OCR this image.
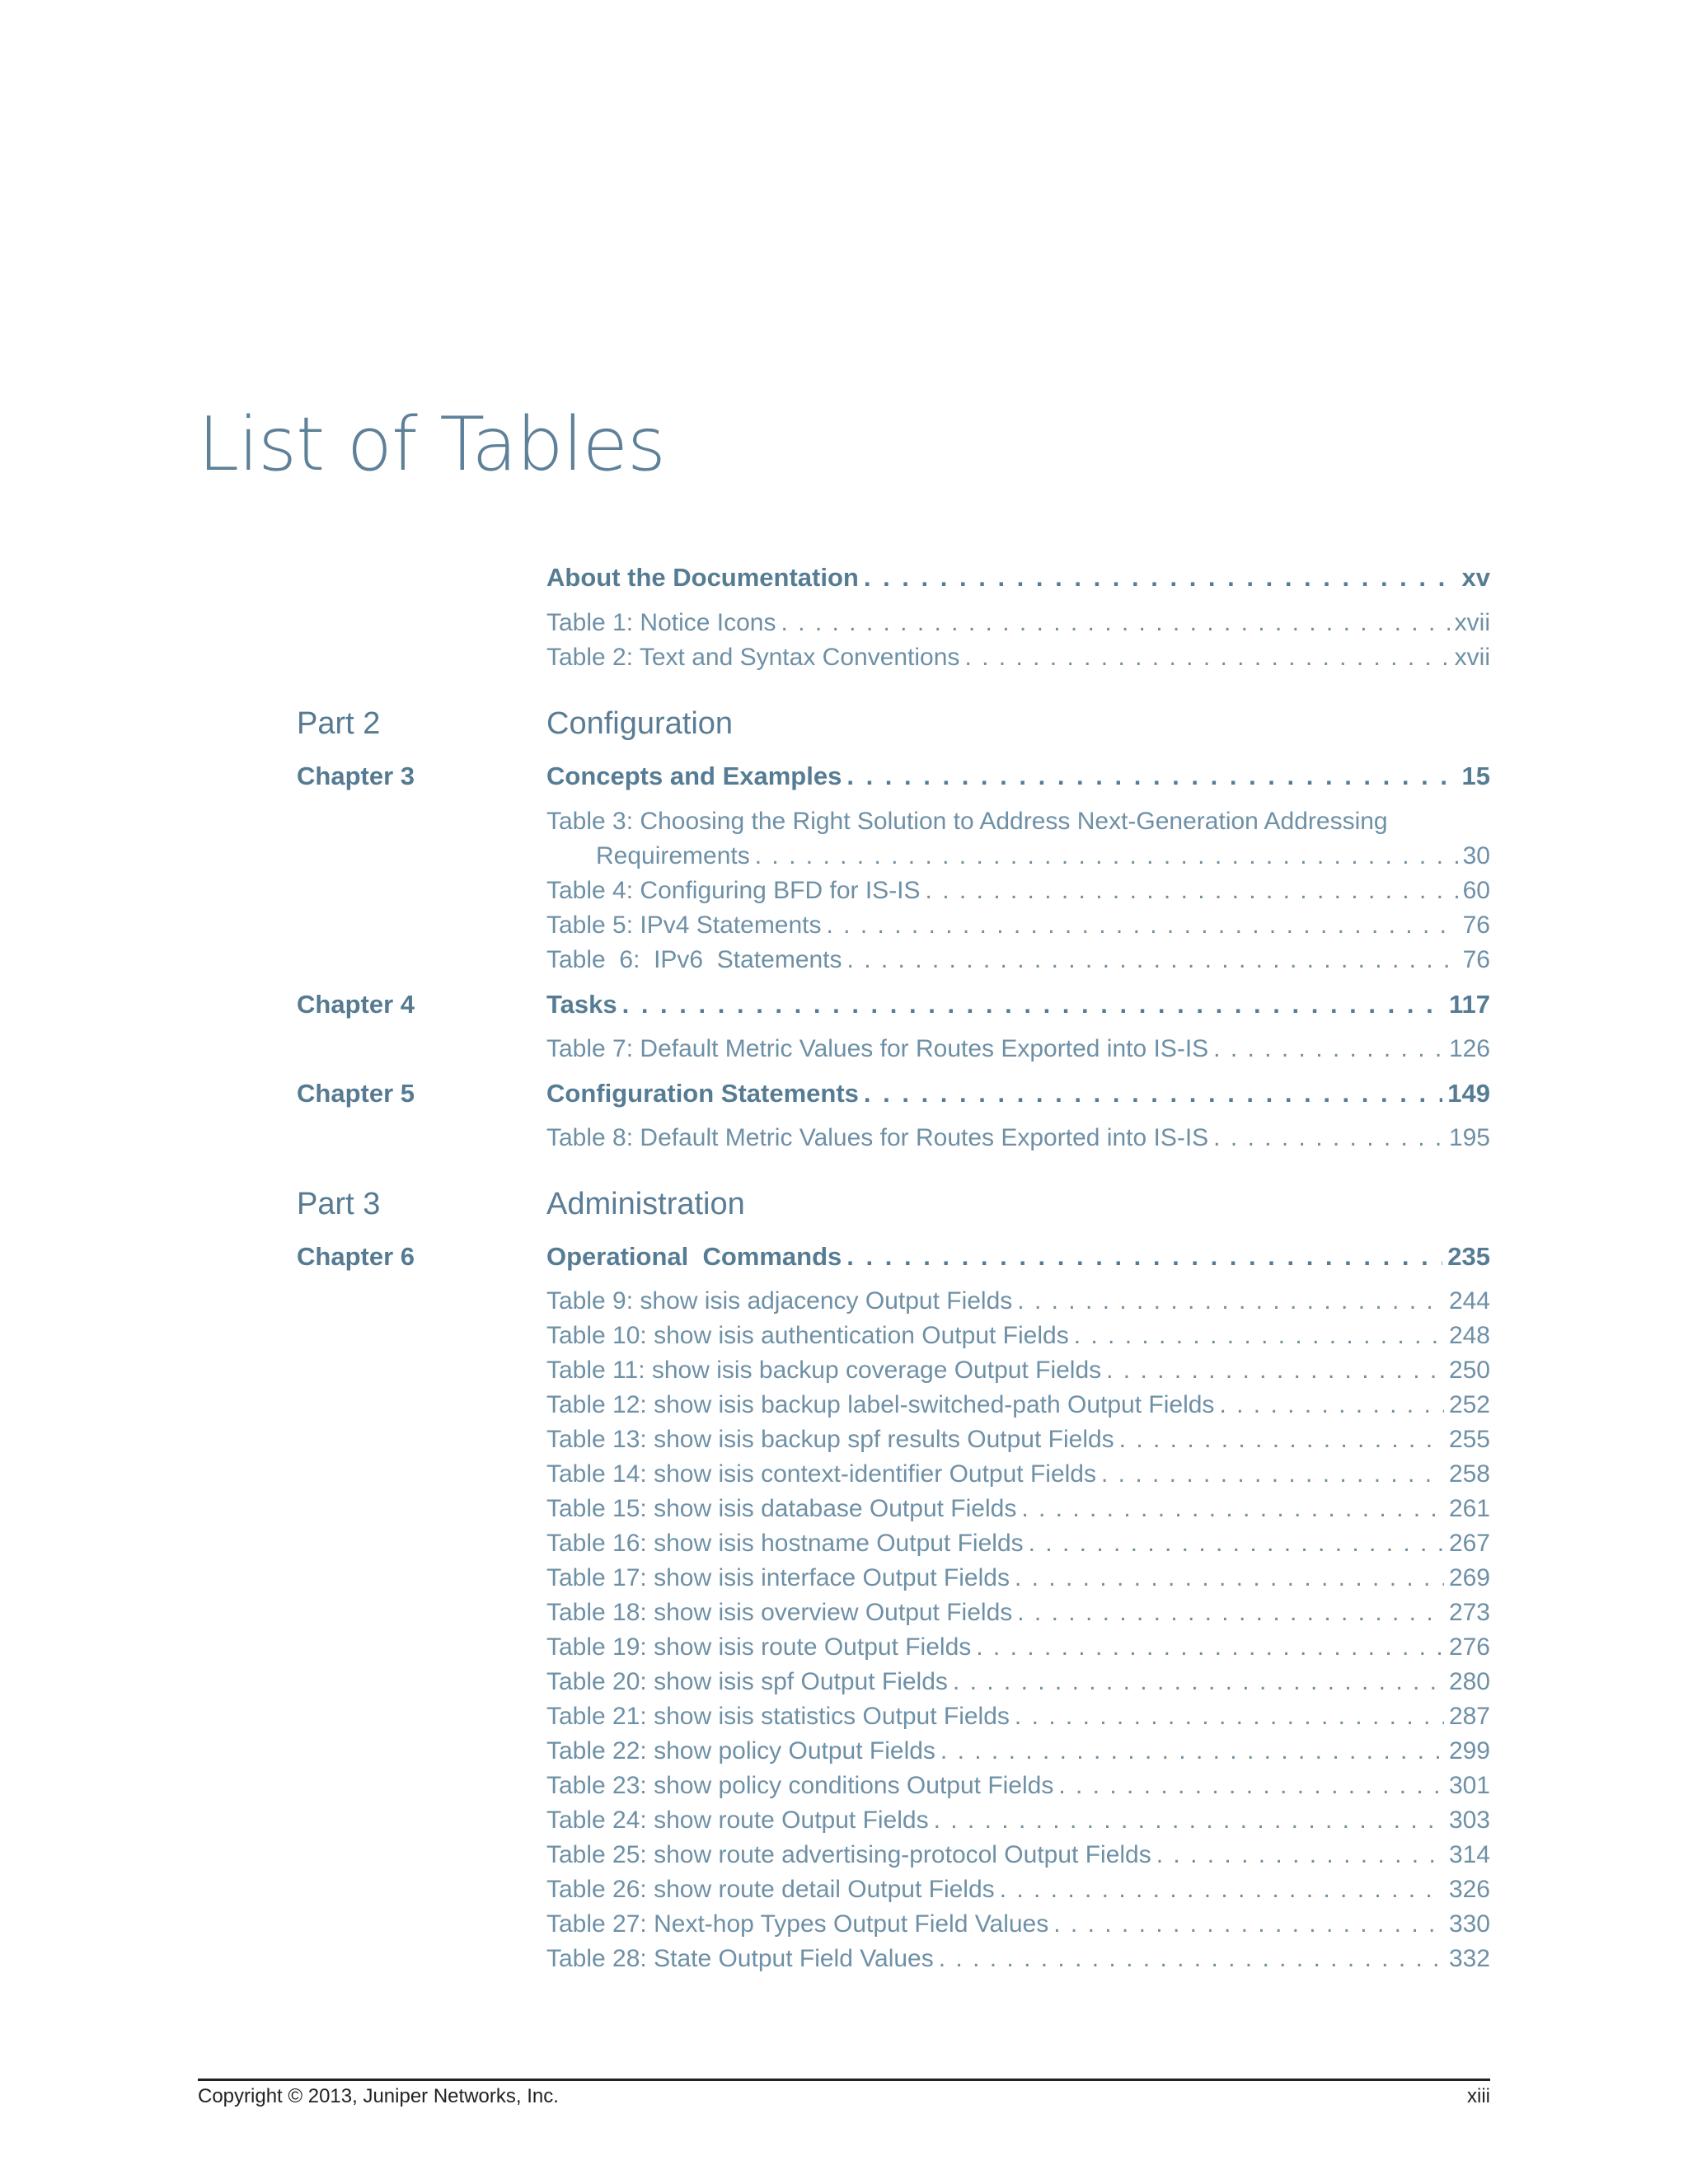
List of Tables
About the Documentation . . .	xv
Table 1: Notice Icons . . .	xvii
Table 2: Text and Syntax Conventions . . .	xvii
Part 2	Configuration
Chapter 3	Concepts and Examples . . .	15
Table 3: Choosing the Right Solution to Address Next-Generation Addressing
Requirements . . .	30
Table 4: Configuring BFD for IS-IS . . .	60
Table 5: IPv4 Statements . . .	76
Table  6:  IPv6  Statements . . .	76
Chapter 4	Tasks . . .	117
Table 7: Default Metric Values for Routes Exported into IS-IS . . .	126
Chapter 5	Configuration Statements . . .	149
Table 8: Default Metric Values for Routes Exported into IS-IS . . .	195
Part 3	Administration
Chapter 6	Operational  Commands . . .	235
Table 9: show isis adjacency Output Fields . . .	244
Table 10: show isis authentication Output Fields . . .	248
Table 11: show isis backup coverage Output Fields . . .	250
Table 12: show isis backup label-switched-path Output Fields . . .	252
Table 13: show isis backup spf results Output Fields . . .	255
Table 14: show isis context-identifier Output Fields . . .	258
Table 15: show isis database Output Fields . . .	261
Table 16: show isis hostname Output Fields . . .	267
Table 17: show isis interface Output Fields . . .	269
Table 18: show isis overview Output Fields . . .	273
Table 19: show isis route Output Fields . . .	276
Table 20: show isis spf Output Fields . . .	280
Table 21: show isis statistics Output Fields . . .	287
Table 22: show policy Output Fields . . .	299
Table 23: show policy conditions Output Fields . . .	301
Table 24: show route Output Fields . . .	303
Table 25: show route advertising-protocol Output Fields . . .	314
Table 26: show route detail Output Fields . . .	326
Table 27: Next-hop Types Output Field Values . . .	330
Table 28: State Output Field Values . . .	332
Copyright © 2013, Juniper Networks, Inc.	xiii
